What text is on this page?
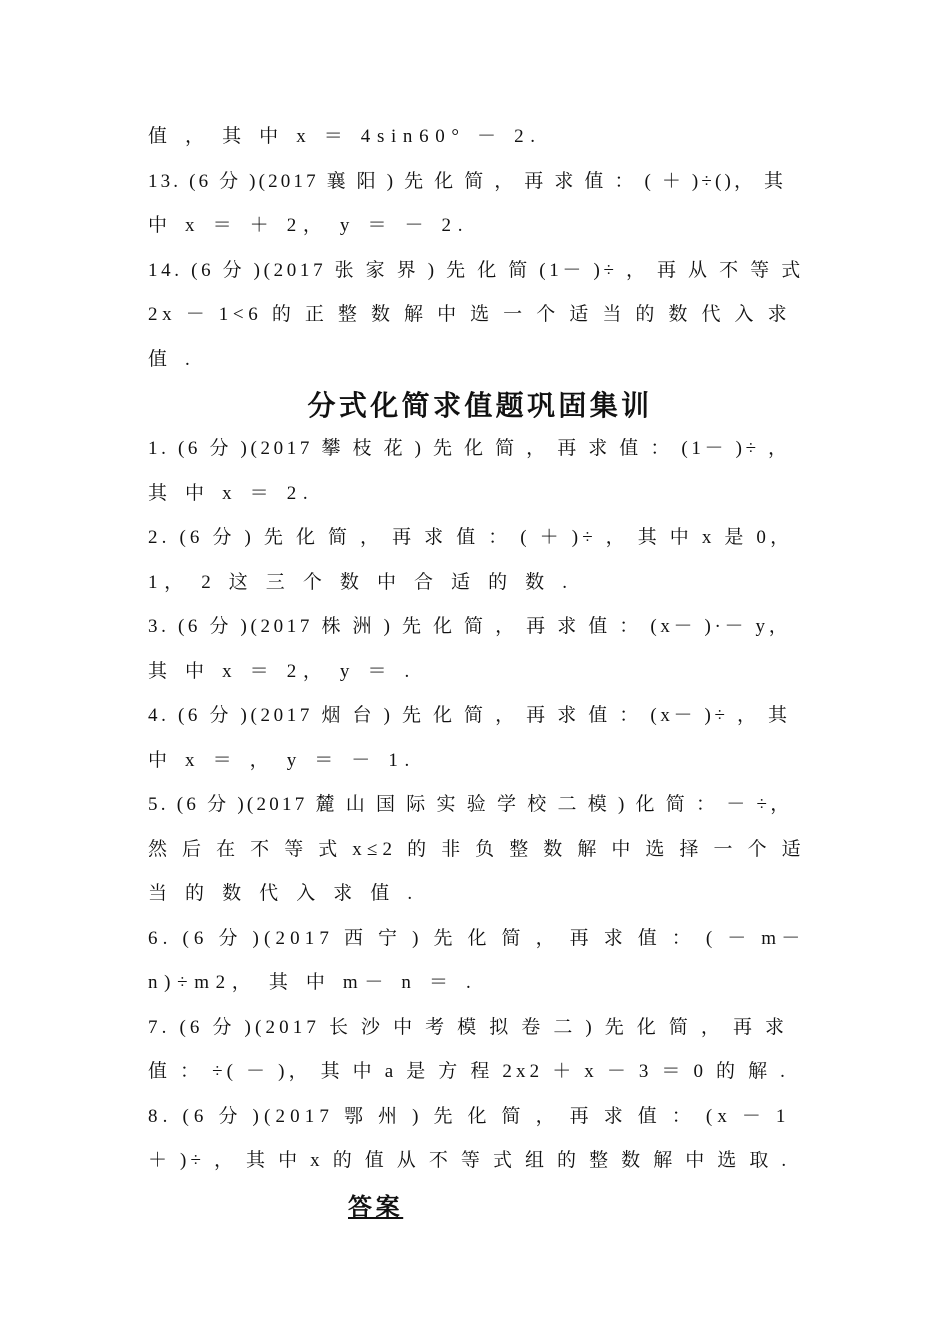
值 ， 其 中 x ＝ 4sin60° － 2.
13. (6 分 )(2017 襄 阳 ) 先 化 简 ， 再 求 值 ： ( ＋ )÷()， 其
中 x ＝ ＋ 2， y ＝ － 2.
14. (6 分 )(2017 张 家 界 ) 先 化 简 (1－ )÷ ， 再 从 不 等 式
2x － 1<6 的 正 整 数 解 中 选 一 个 适 当 的 数 代 入 求
值 .
分式化简求值题巩固集训
1. (6 分 )(2017 攀 枝 花 ) 先 化 简 ， 再 求 值 ： (1－ )÷ ，
其 中 x ＝ 2.
2. (6 分 ) 先 化 简 ， 再 求 值 ： ( ＋ )÷ ， 其 中 x 是 0，
1， 2 这 三 个 数 中 合 适 的 数 .
3. (6 分 )(2017 株 洲 ) 先 化 简 ， 再 求 值 ： (x－ )·－ y，
其 中 x ＝ 2， y ＝ .
4. (6 分 )(2017 烟 台 ) 先 化 简 ， 再 求 值 ： (x－ )÷ ， 其
中 x ＝ ， y ＝ － 1.
5. (6 分 )(2017 麓 山 国 际 实 验 学 校 二 模 ) 化 简 ： － ÷，
然 后 在 不 等 式 x≤2 的 非 负 整 数 解 中 选 择 一 个 适
当 的 数 代 入 求 值 .
6. (6 分 )(2017 西 宁 ) 先 化 简 ， 再 求 值 ： ( － m－
n)÷m2， 其 中 m－ n ＝ .
7. (6 分 )(2017 长 沙 中 考 模 拟 卷 二 ) 先 化 简 ， 再 求
值 ： ÷( － )， 其 中 a 是 方 程 2x2 ＋ x － 3 ＝ 0 的 解 .
8. (6 分 )(2017 鄂 州 ) 先 化 简 ， 再 求 值 ： (x － 1
＋ )÷ ， 其 中 x 的 值 从 不 等 式 组 的 整 数 解 中 选 取 .
答案
